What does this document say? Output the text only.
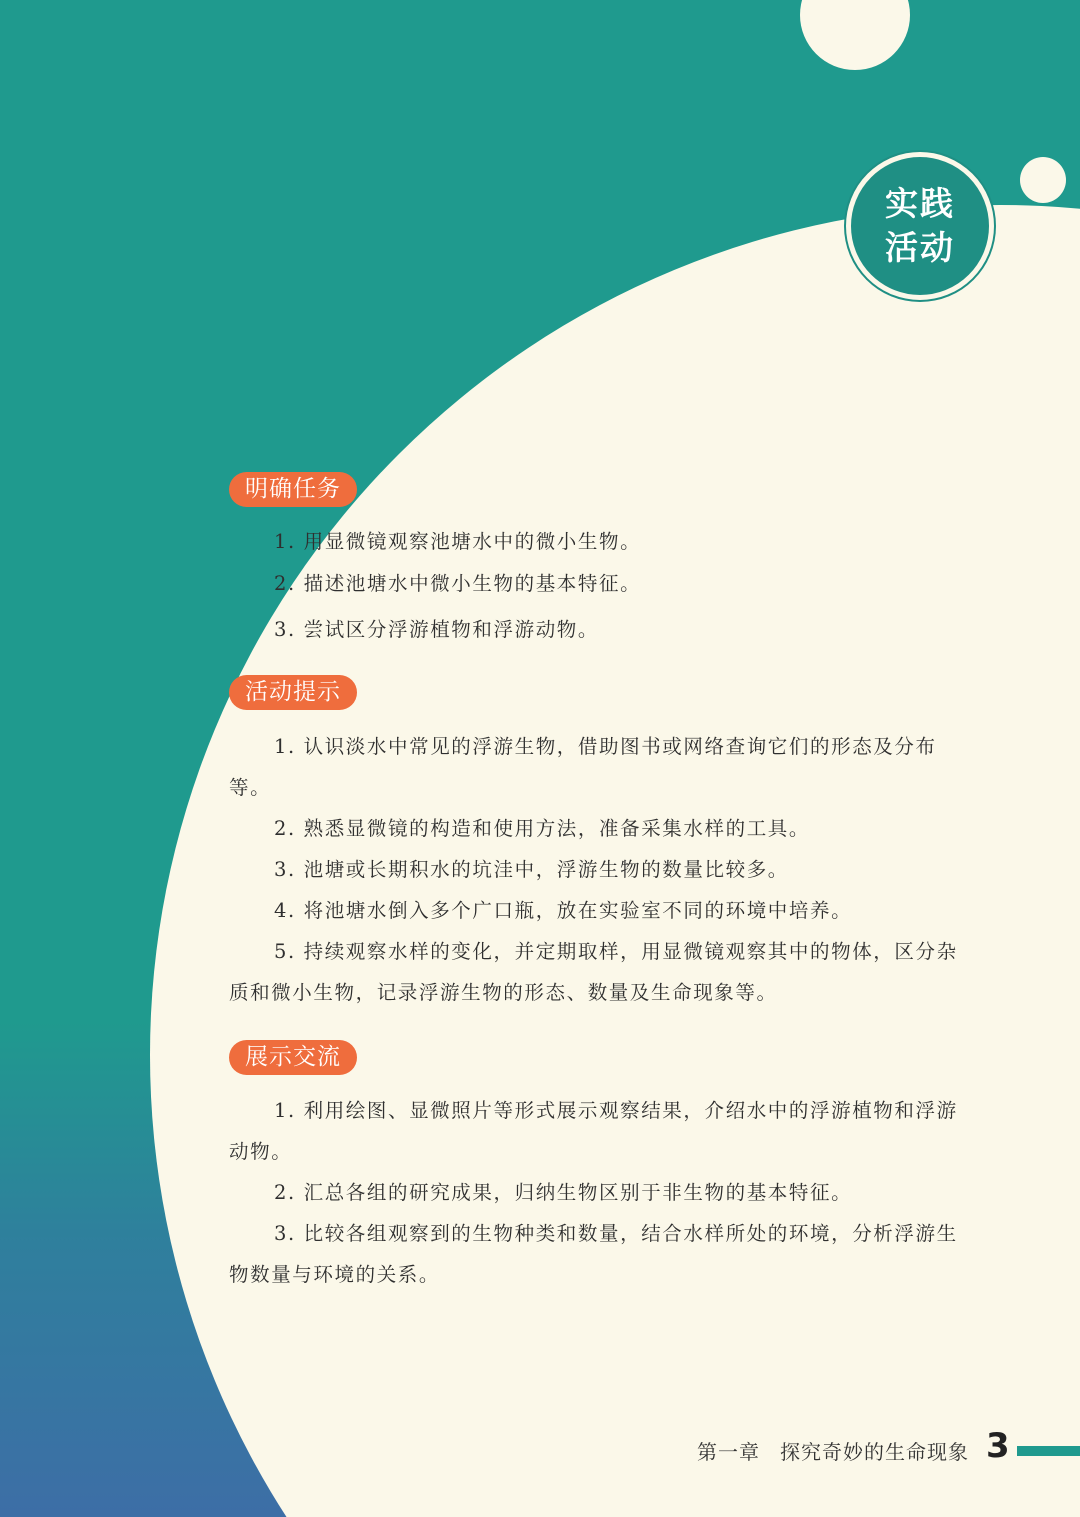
实践
活动
明确任务

1. 用显微镜观察池塘水中的微小生物。

2. 描述池塘水中微小生物的基本特征。

3. 尝试区分浮游植物和浮游动物。

活动提示

1. 认识淡水中常见的浮游生物，借助图书或网络查询它们的形态及分布等。

2. 熟悉显微镜的构造和使用方法，准备采集水样的工具。

3. 池塘或长期积水的坑洼中，浮游生物的数量比较多。

4. 将池塘水倒入多个广口瓶，放在实验室不同的环境中培养。

5. 持续观察水样的变化，并定期取样，用显微镜观察其中的物体，区分杂质和微小生物，记录浮游生物的形态、数量及生命现象等。

展示交流

1. 利用绘图、显微照片等形式展示观察结果，介绍水中的浮游植物和浮游动物。

2. 汇总各组的研究成果，归纳生物区别于非生物的基本特征。

3. 比较各组观察到的生物种类和数量，结合水样所处的环境，分析浮游生物数量与环境的关系。

第一章 探究奇妙的生命现象 3
